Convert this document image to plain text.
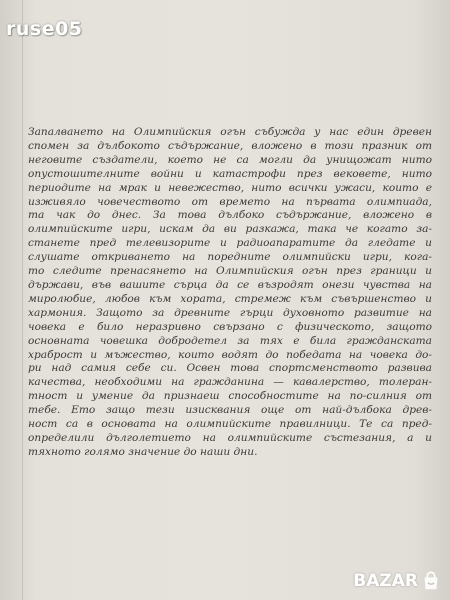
ruse05
Запалването на Олимпийския огън събужда у нас един древен
спомен за дълбокото съдържание, вложено в този празник от
неговите създатели, което не са могли да унищожат нито
опустошителните войни и катастрофи през вековете, нито
периодите на мрак и невежество, нито всички ужаси, които е
изживяло човечеството от времето на първата олимпиада,
та чак до днес. За това дълбоко съдържание, вложено в
олимпийските игри, искам да ви разкажа, така че когато за-
станете пред телевизорите и радиоапаратите да гледате и
слушате откриването на поредните олимпийски игри, кога-
то следите пренасянето на Олимпийския огън през граници и
държави, във вашите сърца да се възродят онези чувства на
миролюбие, любов към хората, стремеж към съвършенство и
хармония. Защото за древните гърци духовното развитие на
човека е било неразривно свързано с физическото, защото
основната човешка добродетел за тях е била гражданската
храброст и мъжество, които водят до победата на човека до-
ри над самия себе си. Освен това спортсменството развива
качества, необходими на гражданина — кавалерство, толеран-
тност и умение да признаеш способностите на по-силния от
тебе. Ето защо тези изисквания още от най-дълбока древ-
ност са в основата на олимпийските правилници. Те са пред-
определили дълголетието на олимпийските състезания, а и
тяхното голямо значение до наши дни.
BAZAR
